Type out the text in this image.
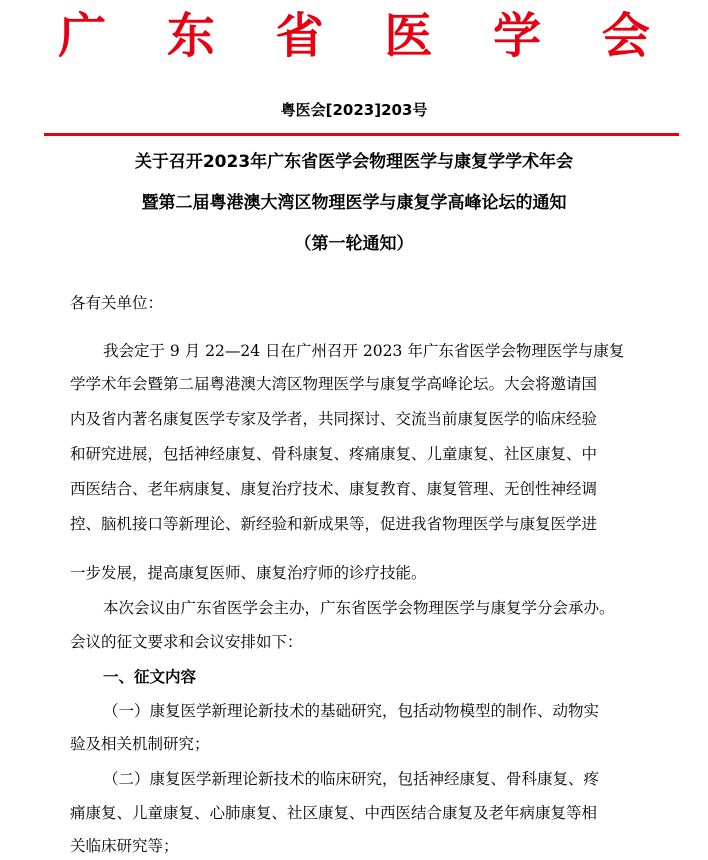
广 东 省 医 学 会
粤医会[2023]203号
关于召开2023年广东省医学会物理医学与康复学学术年会
暨第二届粤港澳大湾区物理医学与康复学高峰论坛的通知
（第一轮通知）
各有关单位：
我会定于 9 月 22—24 日在广州召开 2023 年广东省医学会物理医学与康复
学学术年会暨第二届粤港澳大湾区物理医学与康复学高峰论坛。大会将邀请国
内及省内著名康复医学专家及学者，共同探讨、交流当前康复医学的临床经验
和研究进展，包括神经康复、骨科康复、疼痛康复、儿童康复、社区康复、中
西医结合、老年病康复、康复治疗技术、康复教育、康复管理、无创性神经调
控、脑机接口等新理论、新经验和新成果等，促进我省物理医学与康复医学进
一步发展，提高康复医师、康复治疗师的诊疗技能。
本次会议由广东省医学会主办，广东省医学会物理医学与康复学分会承办。
会议的征文要求和会议安排如下：
一、征文内容
（一）康复医学新理论新技术的基础研究，包括动物模型的制作、动物实
验及相关机制研究；
（二）康复医学新理论新技术的临床研究，包括神经康复、骨科康复、疼
痛康复、儿童康复、心肺康复、社区康复、中西医结合康复及老年病康复等相
关临床研究等；
